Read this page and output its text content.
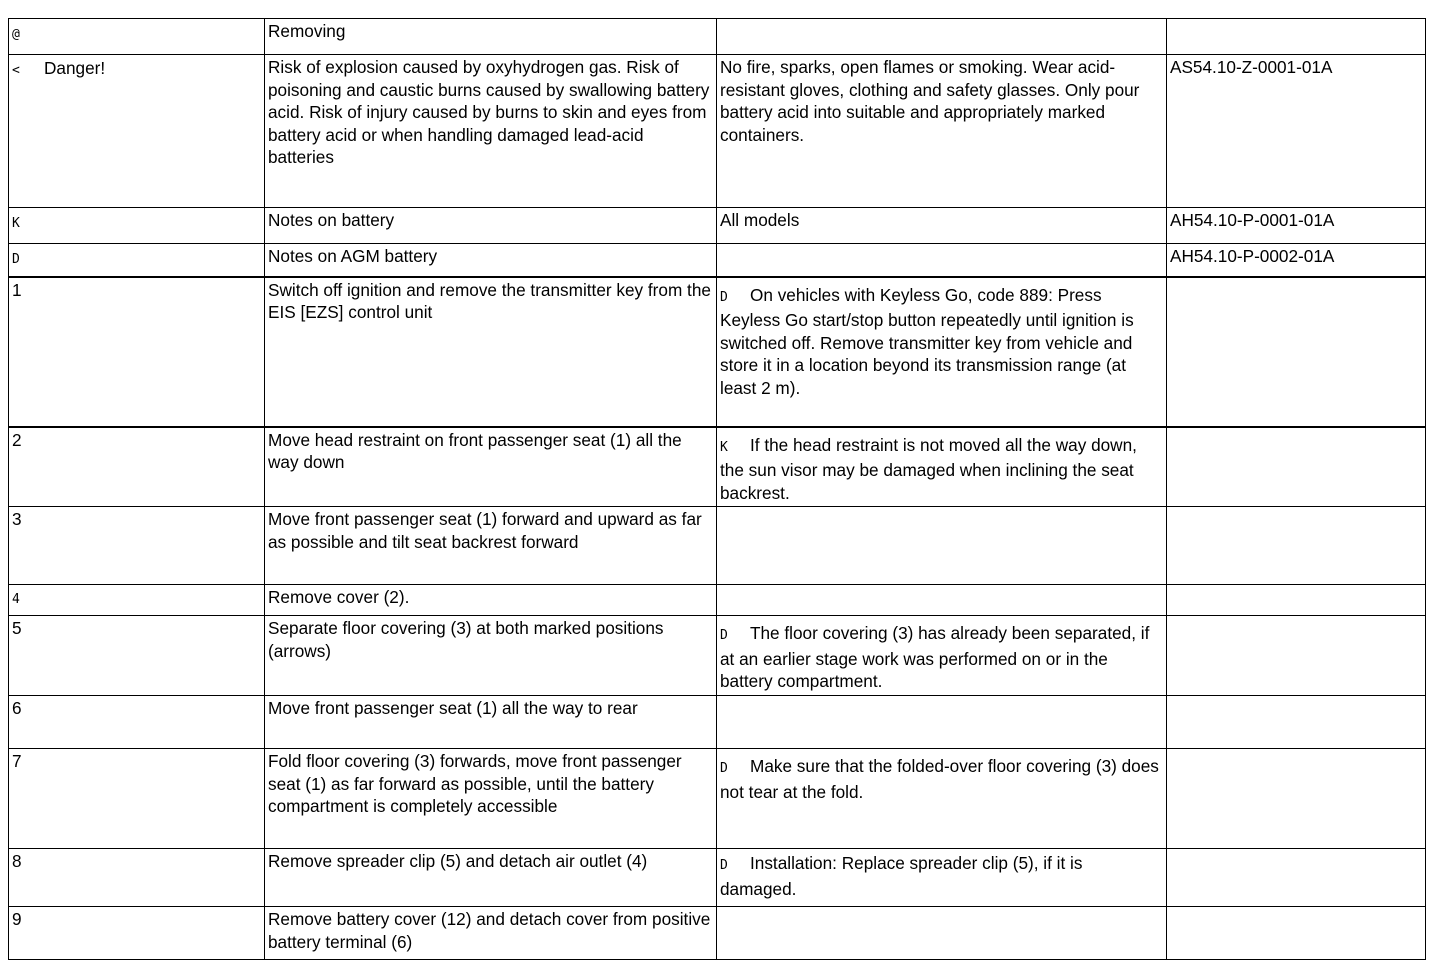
@	Removing		
< Danger!	Risk of explosion caused by oxyhydrogen gas. Risk of poisoning and caustic burns caused by swallowing battery acid. Risk of injury caused by burns to skin and eyes from battery acid or when handling damaged lead-acid batteries	No fire, sparks, open flames or smoking. Wear acid-resistant gloves, clothing and safety glasses. Only pour battery acid into suitable and appropriately marked containers.	AS54.10-Z-0001-01A
K	Notes on battery	All models	AH54.10-P-0001-01A
D	Notes on AGM battery		AH54.10-P-0002-01A
1	Switch off ignition and remove the transmitter key from the EIS [EZS] control unit	D On vehicles with Keyless Go, code 889: Press Keyless Go start/stop button repeatedly until ignition is switched off. Remove transmitter key from vehicle and store it in a location beyond its transmission range (at least 2 m).	

2	Move head restraint on front passenger seat (1) all the way down	K If the head restraint is not moved all the way down, the sun visor may be damaged when inclining the seat backrest.	

3	Move front passenger seat (1) forward and upward as far as possible and tilt seat backrest forward		
4	Remove cover (2).		
5	Separate floor covering (3) at both marked positions (arrows)	D The floor covering (3) has already been separated, if at an earlier stage work was performed on or in the battery compartment.	

6	Move front passenger seat (1) all the way to rear		
7	Fold floor covering (3) forwards, move front passenger seat (1) as far forward as possible, until the battery compartment is completely accessible	D Make sure that the folded-over floor covering (3) does not tear at the fold.	

8	Remove spreader clip (5) and detach air outlet (4)	D Installation: Replace spreader clip (5), if it is damaged.	

9	Remove battery cover (12) and detach cover from positive battery terminal (6)		
